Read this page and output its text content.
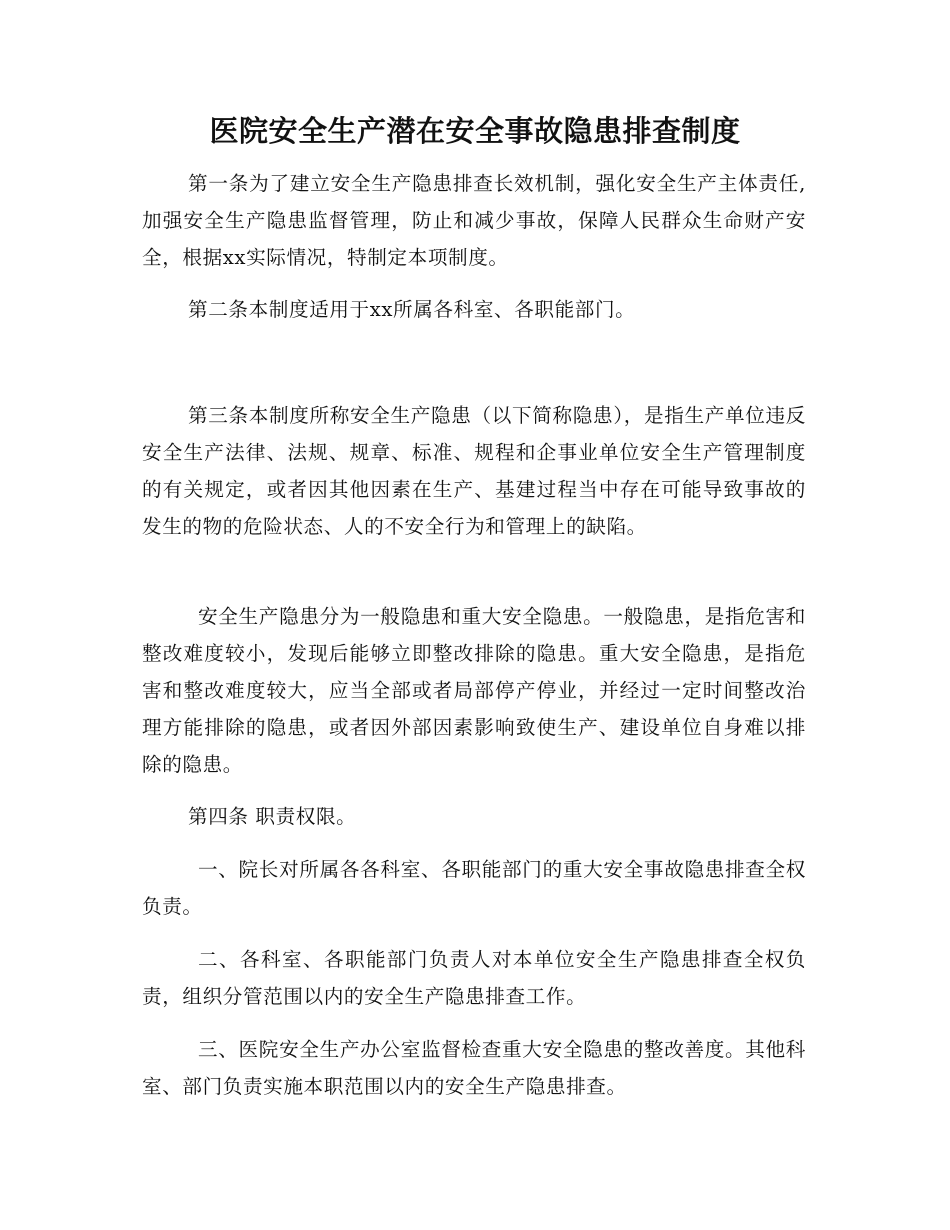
医院安全生产潜在安全事故隐患排查制度

第一条为了建立安全生产隐患排查长效机制，强化安全生产主体责任,加强安全生产隐患监督管理，防止和减少事故，保障人民群众生命财产安全，根据xx实际情况，特制定本项制度。

第二条本制度适用于xx所属各科室、各职能部门。

第三条本制度所称安全生产隐患（以下简称隐患），是指生产单位违反安全生产法律、法规、规章、标准、规程和企事业单位安全生产管理制度的有关规定，或者因其他因素在生产、基建过程当中存在可能导致事故的发生的物的危险状态、人的不安全行为和管理上的缺陷。

安全生产隐患分为一般隐患和重大安全隐患。一般隐患，是指危害和整改难度较小，发现后能够立即整改排除的隐患。重大安全隐患，是指危害和整改难度较大，应当全部或者局部停产停业，并经过一定时间整改治理方能排除的隐患，或者因外部因素影响致使生产、建设单位自身难以排除的隐患。

第四条 职责权限。

一、院长对所属各各科室、各职能部门的重大安全事故隐患排查全权负责。

二、各科室、各职能部门负责人对本单位安全生产隐患排查全权负责，组织分管范围以内的安全生产隐患排查工作。

三、医院安全生产办公室监督检查重大安全隐患的整改善度。其他科室、部门负责实施本职范围以内的安全生产隐患排查。
